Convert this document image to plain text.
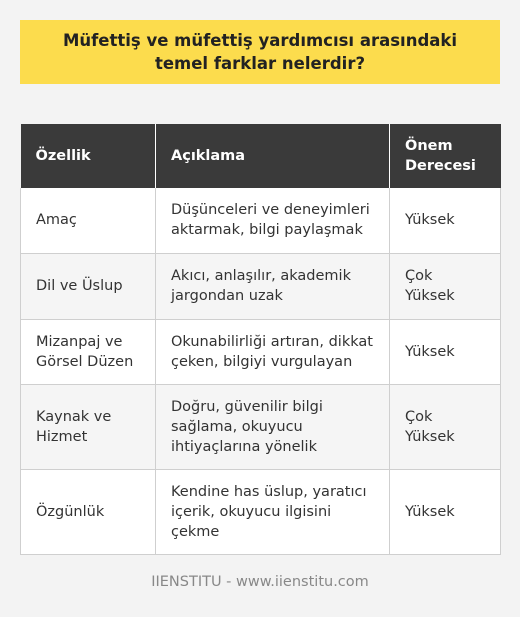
Müfettiş ve müfettiş yardımcısı arasındaki temel farklar nelerdir?
Özellik	Açıklama	Önem Derecesi
Amaç	Düşünceleri ve deneyimleri aktarmak, bilgi paylaşmak	Yüksek
Dil ve Üslup	Akıcı, anlaşılır, akademik jargondan uzak	Çok Yüksek
Mizanpaj ve Görsel Düzen	Okunabilirliği artıran, dikkat çeken, bilgiyi vurgulayan	Yüksek
Kaynak ve Hizmet	Doğru, güvenilir bilgi sağlama, okuyucu ihtiyaçlarına yönelik	Çok Yüksek
Özgünlük	Kendine has üslup, yaratıcı içerik, okuyucu ilgisini çekme	Yüksek
IIENSTITU - www.iienstitu.com
